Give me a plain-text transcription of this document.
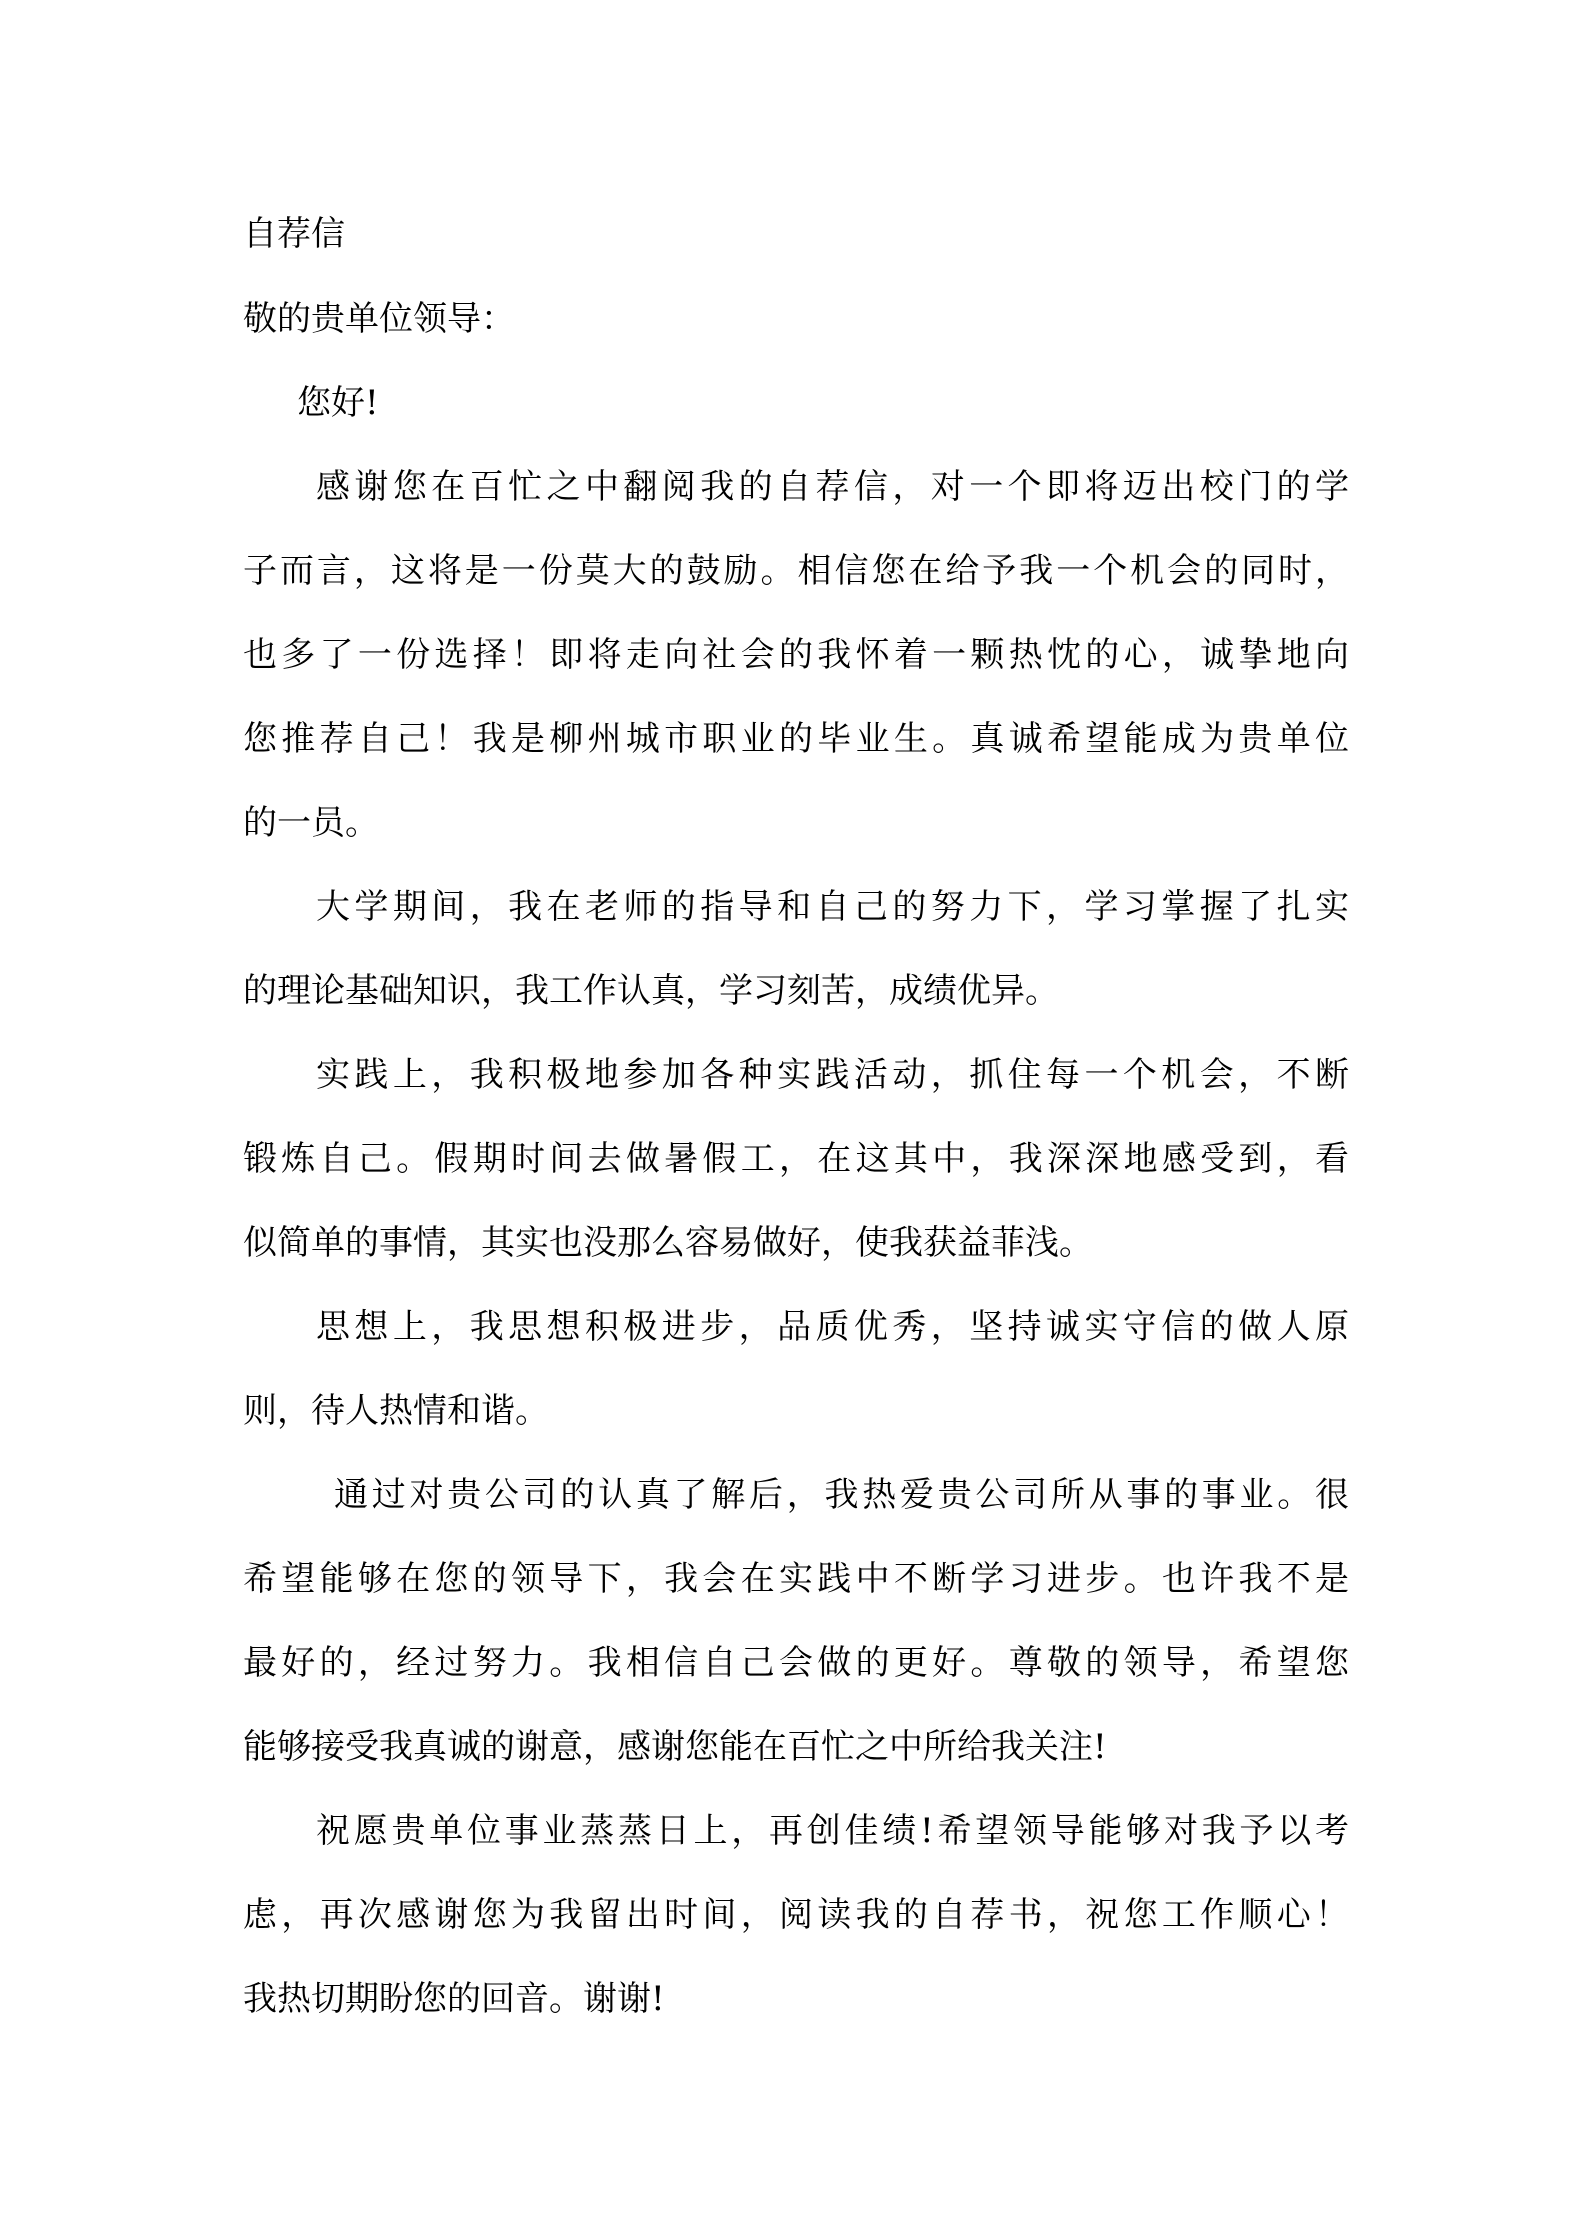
自荐信

敬的贵单位领导：

您好!

感谢您在百忙之中翻阅我的自荐信，对一个即将迈出校门的学

子而言，这将是一份莫大的鼓励。相信您在给予我一个机会的同时，

也多了一份选择！即将走向社会的我怀着一颗热忱的心，诚挚地向

您推荐自己！我是柳州城市职业的毕业生。真诚希望能成为贵单位

的一员。

大学期间，我在老师的指导和自己的努力下，学习掌握了扎实

的理论基础知识，我工作认真，学习刻苦，成绩优异。

实践上，我积极地参加各种实践活动，抓住每一个机会，不断

锻炼自己。假期时间去做暑假工，在这其中，我深深地感受到，看

似简单的事情，其实也没那么容易做好，使我获益菲浅。

思想上，我思想积极进步，品质优秀，坚持诚实守信的做人原

则，待人热情和谐。

通过对贵公司的认真了解后，我热爱贵公司所从事的事业。很

希望能够在您的领导下，我会在实践中不断学习进步。也许我不是

最好的，经过努力。我相信自己会做的更好。尊敬的领导，希望您

能够接受我真诚的谢意，感谢您能在百忙之中所给我关注!

祝愿贵单位事业蒸蒸日上，再创佳绩!希望领导能够对我予以考

虑，再次感谢您为我留出时间，阅读我的自荐书，祝您工作顺心！

我热切期盼您的回音。谢谢!
